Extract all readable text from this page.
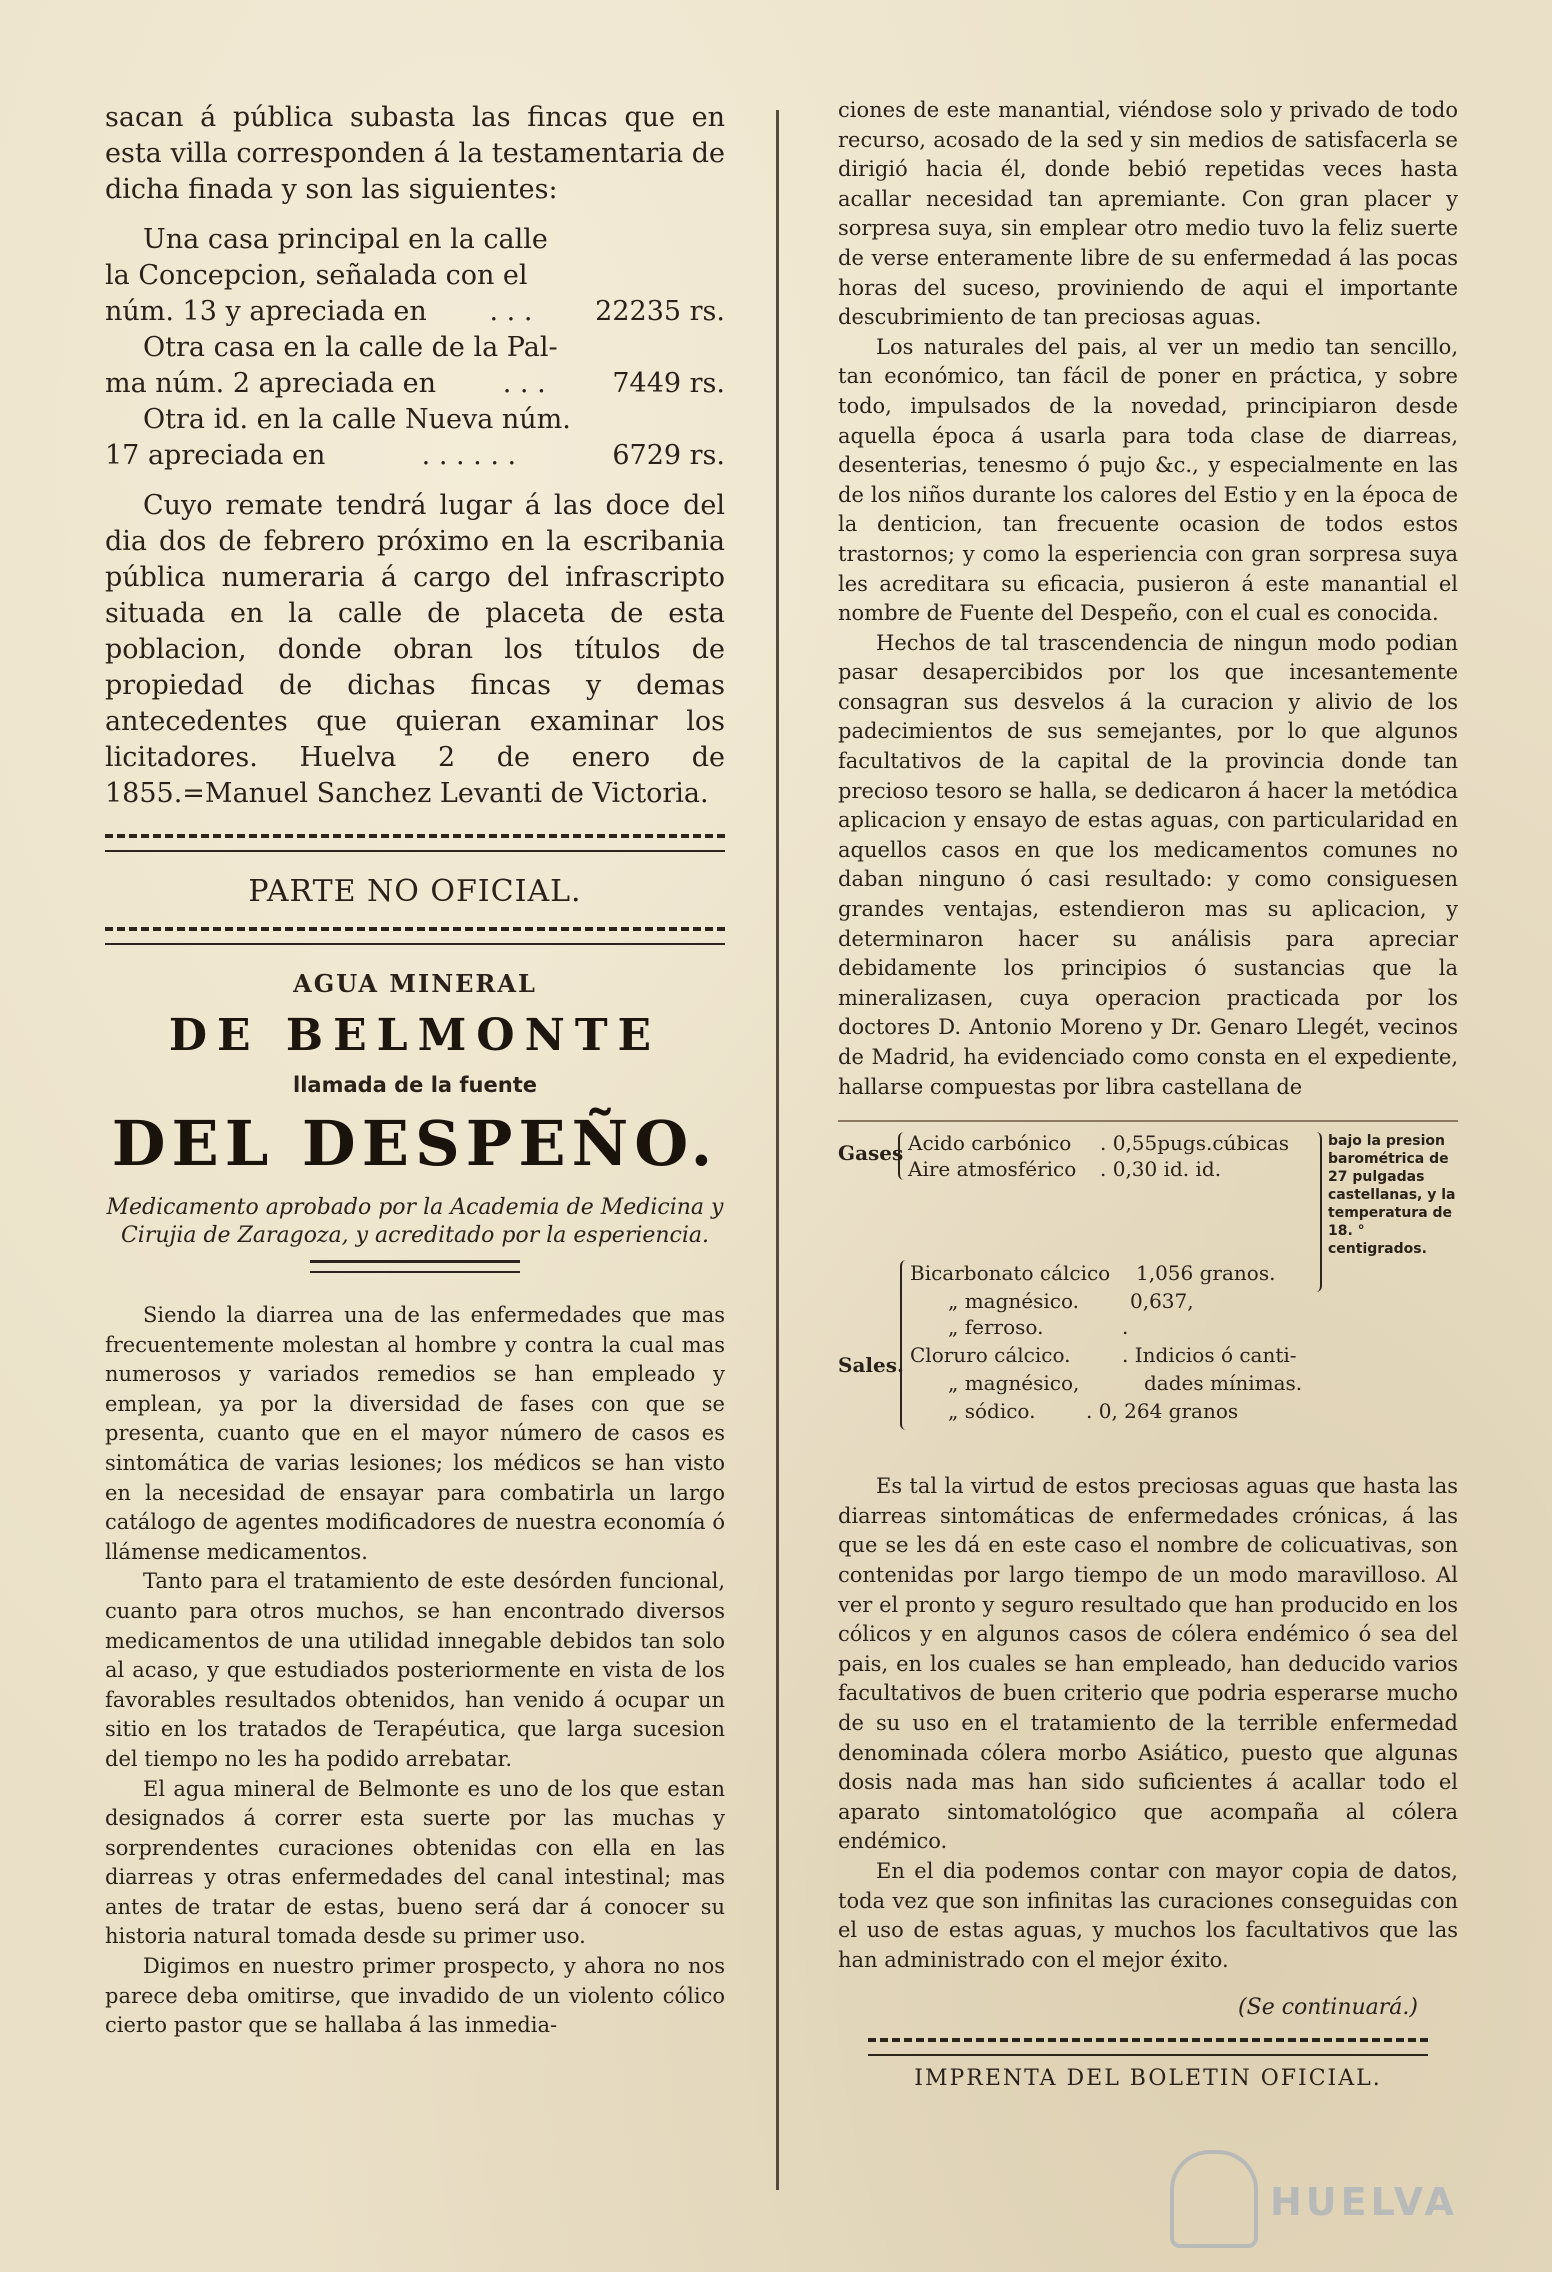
sacan á pública subasta las fincas que en esta villa corresponden á la testamentaria de dicha finada y son las siguientes:

Una casa principal en la calle
la Concepcion, señalada con el
núm. 13 y apreciada en . . . 22235 rs.
Otra casa en la calle de la Pal-
ma núm. 2 apreciada en . . . 7449 rs.
Otra id. en la calle Nueva núm.
17 apreciada en	. . . . . .	6729 rs.

Cuyo remate tendrá lugar á las doce del dia dos de febrero próximo en la escribania pública numeraria á cargo del infrascripto situada en la calle de placeta de esta poblacion, donde obran los títulos de propiedad de dichas fincas y demas antecedentes que quieran examinar los licitadores. Huelva 2 de enero de 1855.=Manuel Sanchez Levanti de Victoria.

PARTE NO OFICIAL.
AGUA MINERAL
DE BELMONTE
llamada de la fuente
DEL DESPEÑO.
Medicamento aprobado por la Academia de Medicina y Cirujia de Zaragoza, y acreditado por la esperiencia.

Siendo la diarrea una de las enfermedades que mas frecuentemente molestan al hombre y contra la cual mas numerosos y variados remedios se han empleado y emplean, ya por la diversidad de fases con que se presenta, cuanto que en el mayor número de casos es sintomática de varias lesiones; los médicos se han visto en la necesidad de ensayar para combatirla un largo catálogo de agentes modificadores de nuestra economía ó llámense medicamentos.

Tanto para el tratamiento de este desórden funcional, cuanto para otros muchos, se han encontrado diversos medicamentos de una utilidad innegable debidos tan solo al acaso, y que estudiados posteriormente en vista de los favorables resultados obtenidos, han venido á ocupar un sitio en los tratados de Terapéutica, que larga sucesion del tiempo no les ha podido arrebatar.

El agua mineral de Belmonte es uno de los que estan designados á correr esta suerte por las muchas y sorprendentes curaciones obtenidas con ella en las diarreas y otras enfermedades del canal intestinal; mas antes de tratar de estas, bueno será dar á conocer su historia natural tomada desde su primer uso.

Digimos en nuestro primer prospecto, y ahora no nos parece deba omitirse, que invadido de un violento cólico cierto pastor que se hallaba á las inmedia-

ciones de este manantial, viéndose solo y privado de todo recurso, acosado de la sed y sin medios de satisfacerla se dirigió hacia él, donde bebió repetidas veces hasta acallar necesidad tan apremiante. Con gran placer y sorpresa suya, sin emplear otro medio tuvo la feliz suerte de verse enteramente libre de su enfermedad á las pocas horas del suceso, proviniendo de aqui el importante descubrimiento de tan preciosas aguas.

Los naturales del pais, al ver un medio tan sencillo, tan económico, tan fácil de poner en práctica, y sobre todo, impulsados de la novedad, principiaron desde aquella época á usarla para toda clase de diarreas, desenterias, tenesmo ó pujo &c., y especialmente en las de los niños durante los calores del Estio y en la época de la denticion, tan frecuente ocasion de todos estos trastornos; y como la esperiencia con gran sorpresa suya les acreditara su eficacia, pusieron á este manantial el nombre de Fuente del Despeño, con el cual es conocida.

Hechos de tal trascendencia de ningun modo podian pasar desapercibidos por los que incesantemente consagran sus desvelos á la curacion y alivio de los padecimientos de sus semejantes, por lo que algunos facultativos de la capital de la provincia donde tan precioso tesoro se halla, se dedicaron á hacer la metódica aplicacion y ensayo de estas aguas, con particularidad en aquellos casos en que los medicamentos comunes no daban ninguno ó casi resultado: y como consiguesen grandes ventajas, estendieron mas su aplicacion, y determinaron hacer su análisis para apreciar debidamente los principios ó sustancias que la mineralizasen, cuya operacion practicada por los doctores D. Antonio Moreno y Dr. Genaro Llegét, vecinos de Madrid, ha evidenciado como consta en el expediente, hallarse compuestas por libra castellana de

Gases Acido carbónico . 0,55pugs.cúbicas
Aire atmosférico . 0,30 id. id.
bajo la presion barométrica de 27 pulgadas castellanas, y la temperatura de 18. ° centigrados.
Sales.
Bicarbonato cálcico 1,056 granos.
„ magnésico.	0,637,
„ ferroso.	.
Cloruro cálcico.	. Indicios ó canti-
„ magnésico,	dades mínimas.
„ sódico.	. 0, 264 granos

Es tal la virtud de estos preciosas aguas que hasta las diarreas sintomáticas de enfermedades crónicas, á las que se les dá en este caso el nombre de colicuativas, son contenidas por largo tiempo de un modo maravilloso. Al ver el pronto y seguro resultado que han producido en los cólicos y en algunos casos de cólera endémico ó sea del pais, en los cuales se han empleado, han deducido varios facultativos de buen criterio que podria esperarse mucho de su uso en el tratamiento de la terrible enfermedad denominada cólera morbo Asiático, puesto que algunas dosis nada mas han sido suficientes á acallar todo el aparato sintomatológico que acompaña al cólera endémico.

En el dia podemos contar con mayor copia de datos, toda vez que son infinitas las curaciones conseguidas con el uso de estas aguas, y muchos los facultativos que las han administrado con el mejor éxito.

(Se continuará.)
IMPRENTA DEL BOLETIN OFICIAL.
HUELVA
